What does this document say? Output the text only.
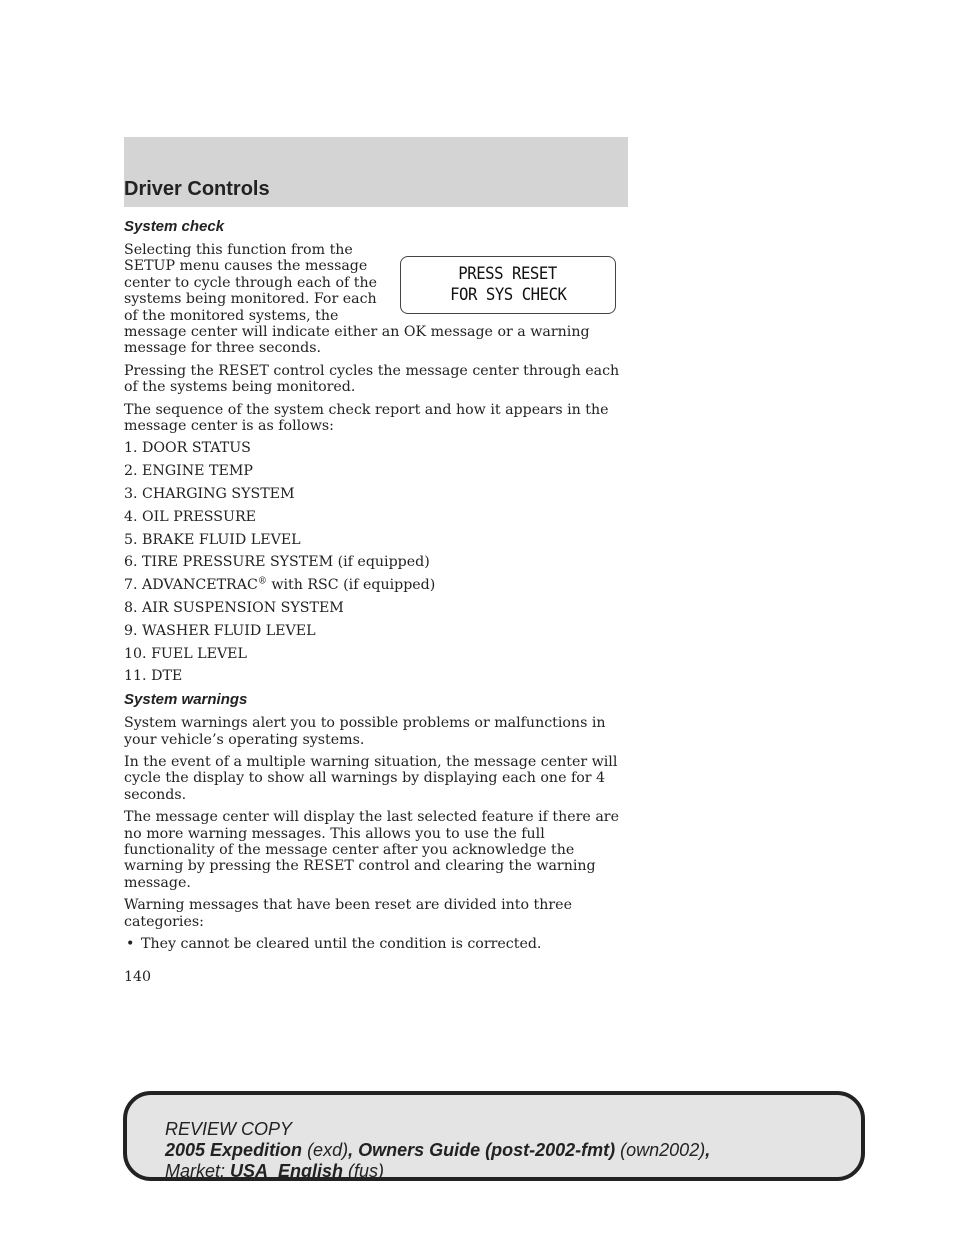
Driver Controls
System check
PRESS RESET
FOR SYS CHECK

Selecting this function from the SETUP menu causes the message center to cycle through each of the systems being monitored. For each of the monitored systems, the message center will indicate either an OK message or a warning message for three seconds.

Pressing the RESET control cycles the message center through each of the systems being monitored.

The sequence of the system check report and how it appears in the message center is as follows:

1. DOOR STATUS
2. ENGINE TEMP
3. CHARGING SYSTEM
4. OIL PRESSURE
5. BRAKE FLUID LEVEL
6. TIRE PRESSURE SYSTEM (if equipped)
7. ADVANCETRAC® with RSC (if equipped)
8. AIR SUSPENSION SYSTEM
9. WASHER FLUID LEVEL
10. FUEL LEVEL
11. DTE
System warnings

System warnings alert you to possible problems or malfunctions in your vehicle’s operating systems.

In the event of a multiple warning situation, the message center will cycle the display to show all warnings by displaying each one for 4 seconds.

The message center will display the last selected feature if there are no more warning messages. This allows you to use the full functionality of the message center after you acknowledge the warning by pressing the RESET control and clearing the warning message.

Warning messages that have been reset are divided into three categories:

• They cannot be cleared until the condition is corrected.
140
REVIEW COPY
2005 Expedition (exd), Owners Guide (post-2002-fmt) (own2002),
Market: USA_English (fus)
